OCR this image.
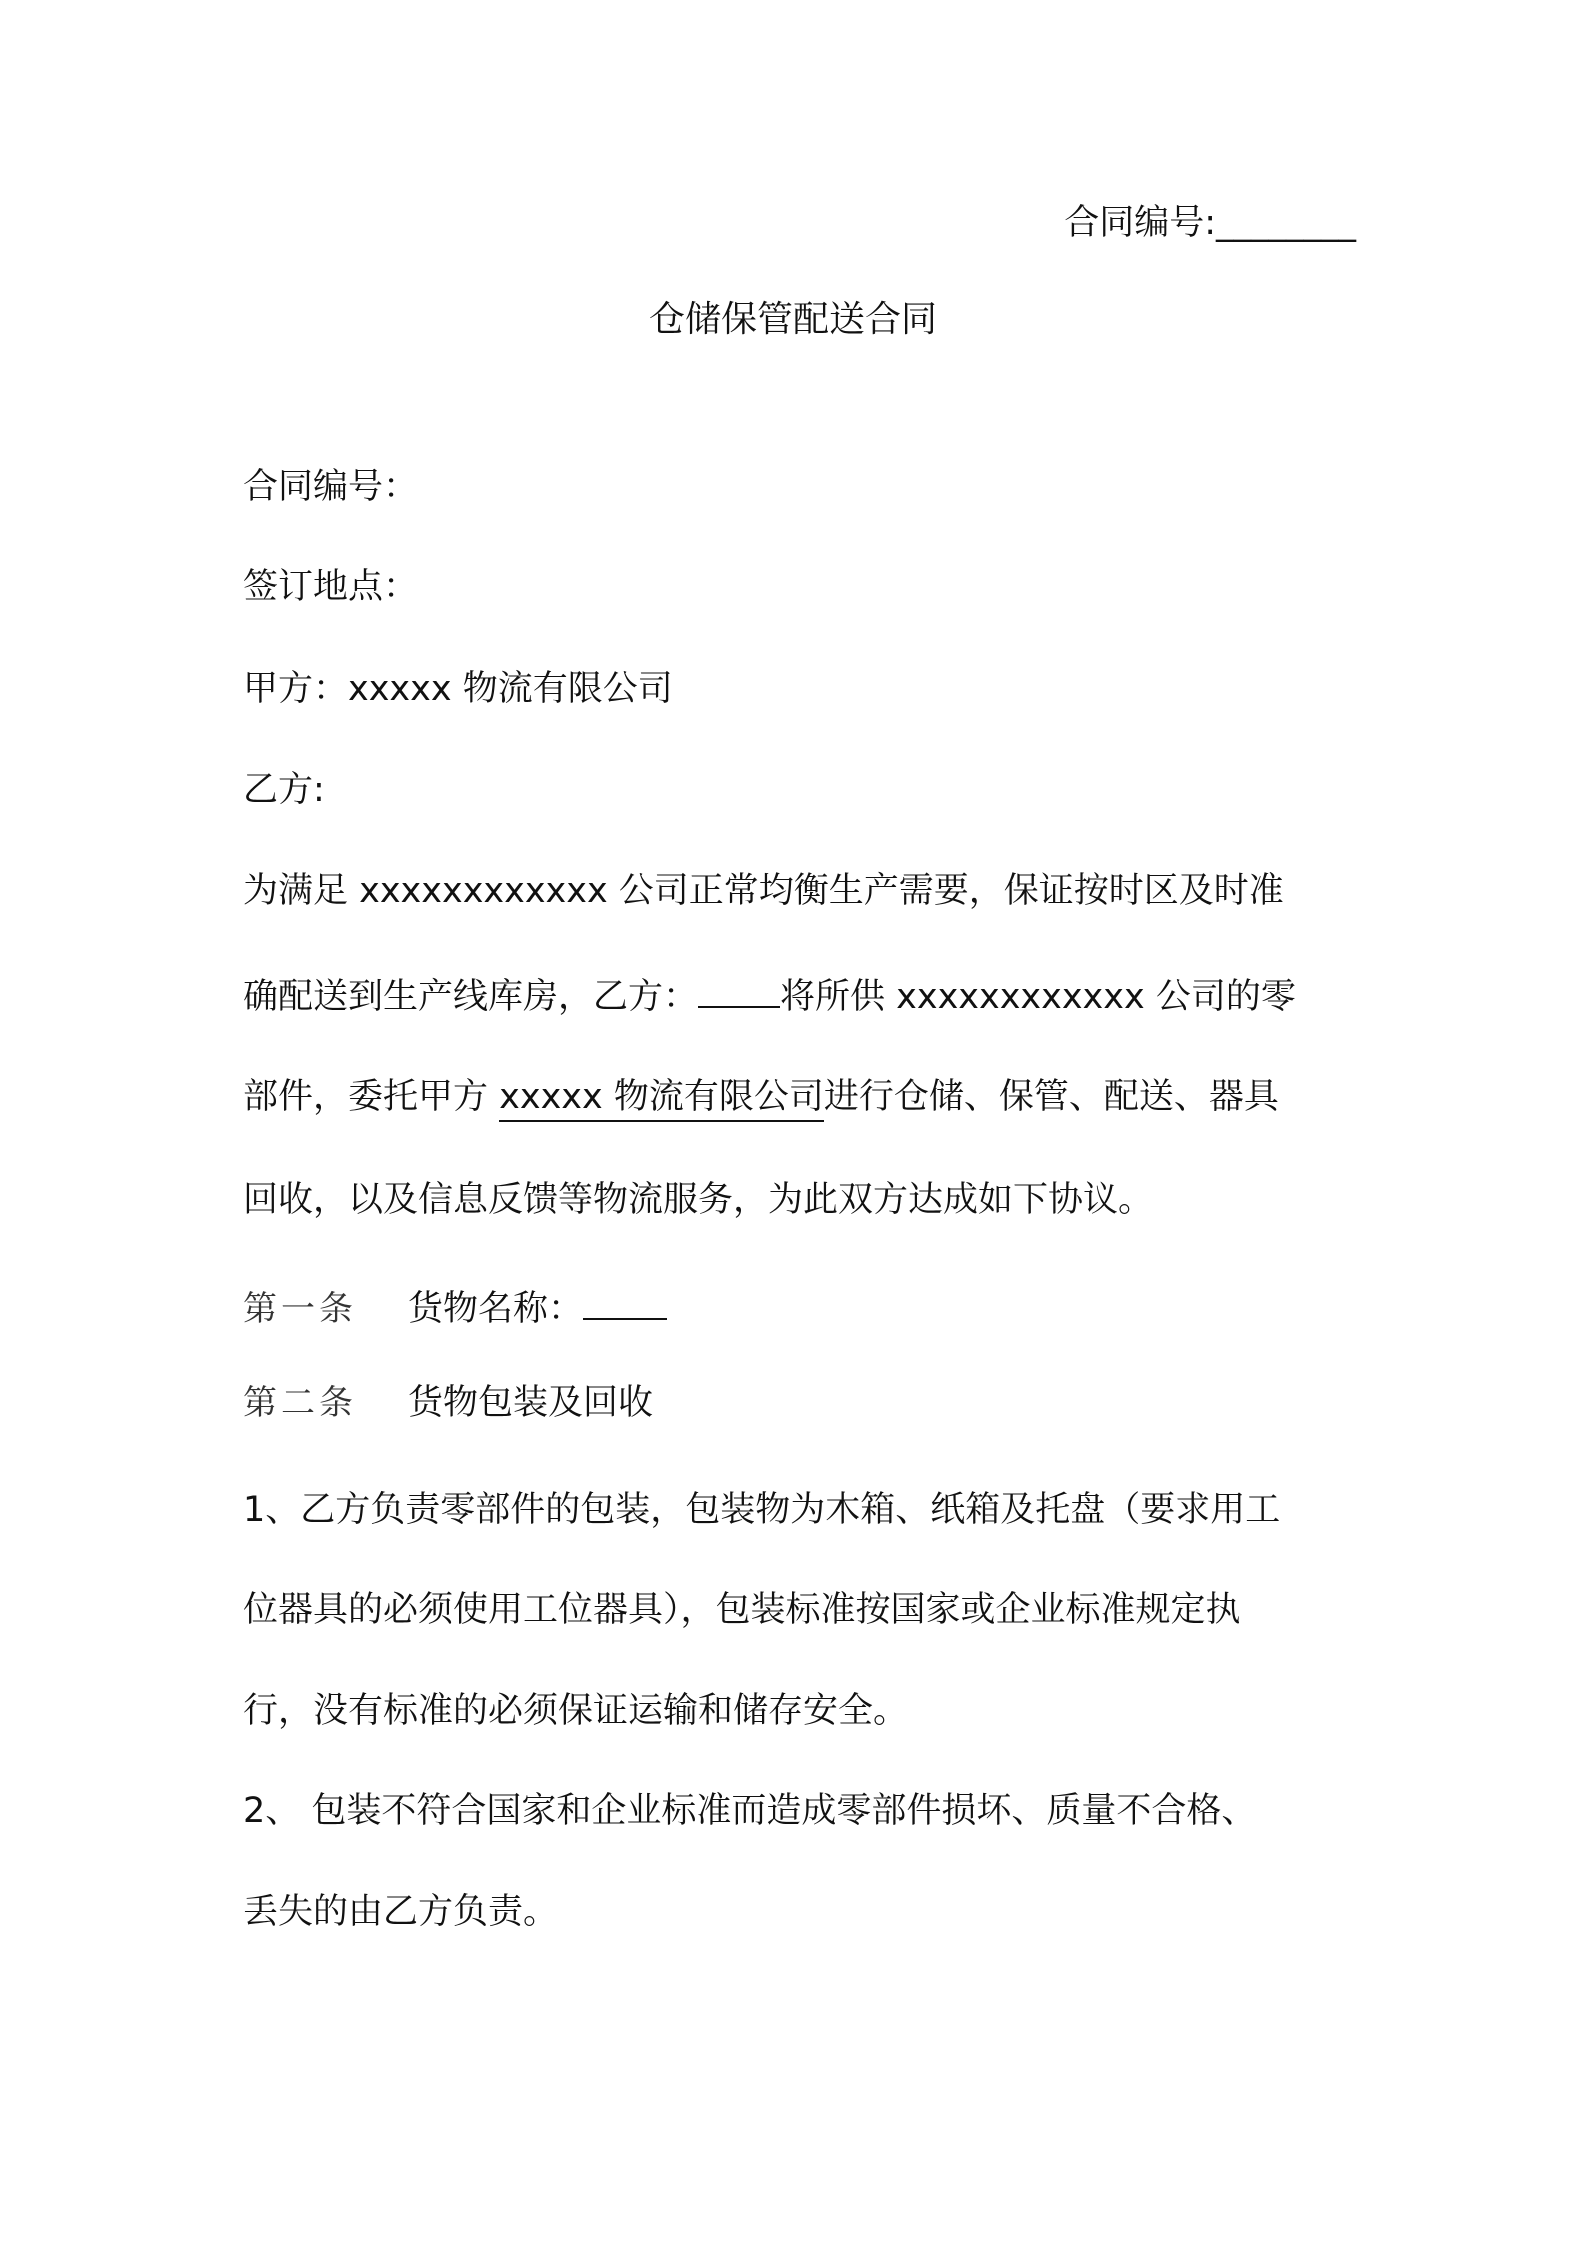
合同编号:________
仓储保管配送合同
合同编号：
签订地点：
甲方：xxxxx 物流有限公司
乙方:
为满足 xxxxxxxxxxxx 公司正常均衡生产需要，保证按时区及时准
确配送到生产线库房，乙方： 将所供 xxxxxxxxxxxx 公司的零
部件，委托甲方 xxxxx 物流有限公司进行仓储、保管、配送、器具
回收，以及信息反馈等物流服务，为此双方达成如下协议。
第一条 货物名称：
第二条 货物包装及回收
1、乙方负责零部件的包装，包装物为木箱、纸箱及托盘（要求用工
位器具的必须使用工位器具），包装标准按国家或企业标准规定执
行，没有标准的必须保证运输和储存安全。
2、 包装不符合国家和企业标准而造成零部件损坏、质量不合格、
丢失的由乙方负责。
